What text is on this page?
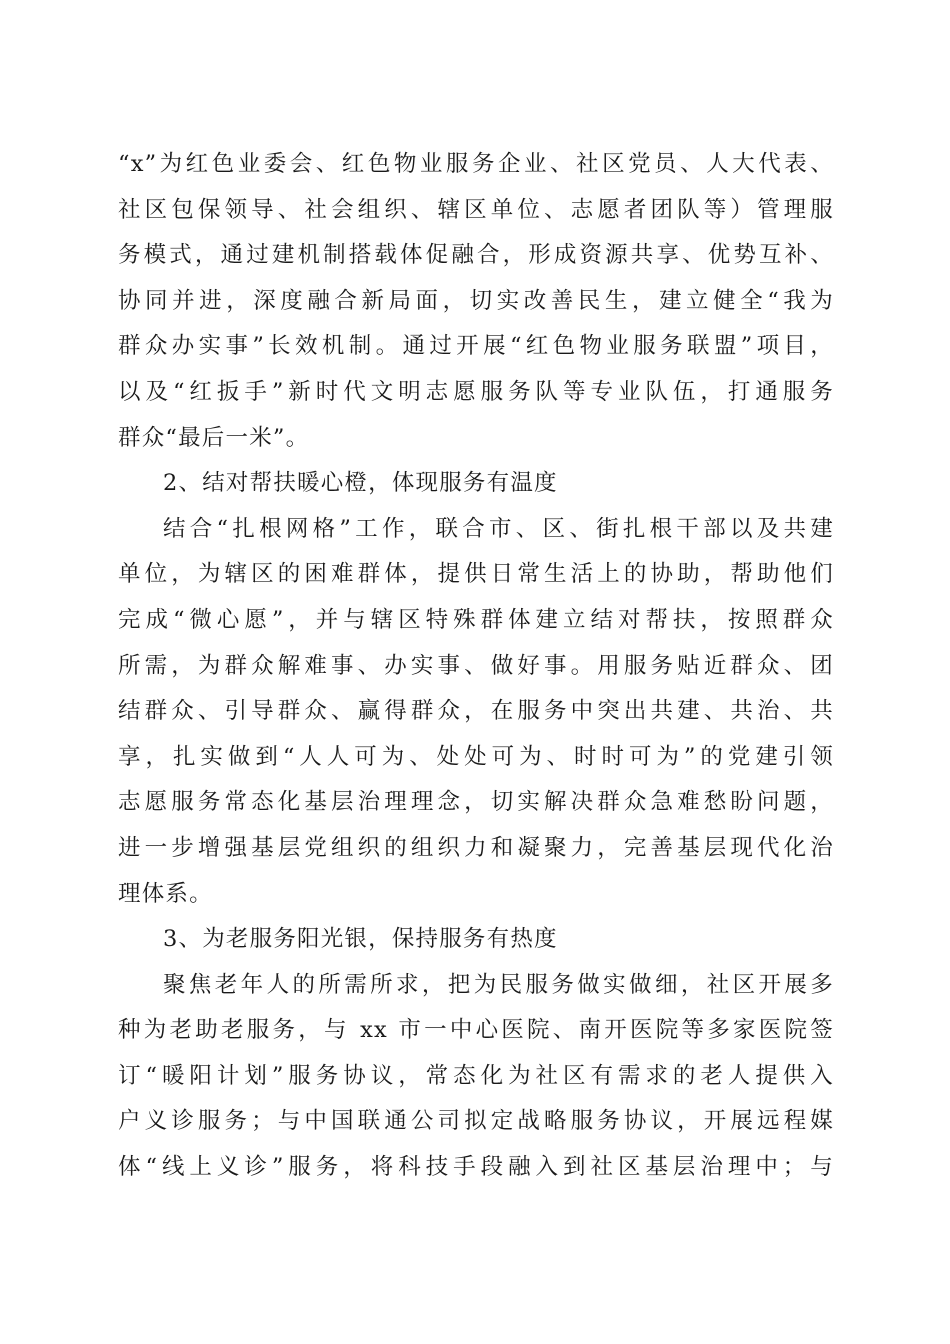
“x”为红色业委会、红色物业服务企业、社区党员、人大代表、
社区包保领导、社会组织、辖区单位、志愿者团队等）管理服
务模式，通过建机制搭载体促融合，形成资源共享、优势互补、
协同并进，深度融合新局面，切实改善民生，建立健全“我为
群众办实事”长效机制。通过开展“红色物业服务联盟”项目，
以及“红扳手”新时代文明志愿服务队等专业队伍，打通服务
群众“最后一米”。
2、结对帮扶暖心橙，体现服务有温度
结合“扎根网格”工作，联合市、区、街扎根干部以及共建
单位，为辖区的困难群体，提供日常生活上的协助，帮助他们
完成“微心愿”，并与辖区特殊群体建立结对帮扶，按照群众
所需，为群众解难事、办实事、做好事。用服务贴近群众、团
结群众、引导群众、赢得群众，在服务中突出共建、共治、共
享，扎实做到“人人可为、处处可为、时时可为”的党建引领
志愿服务常态化基层治理理念，切实解决群众急难愁盼问题，
进一步增强基层党组织的组织力和凝聚力，完善基层现代化治
理体系。
3、为老服务阳光银，保持服务有热度
聚焦老年人的所需所求，把为民服务做实做细，社区开展多
种为老助老服务，与 xx 市一中心医院、南开医院等多家医院签
订“暖阳计划”服务协议，常态化为社区有需求的老人提供入
户义诊服务；与中国联通公司拟定战略服务协议，开展远程媒
体“线上义诊”服务，将科技手段融入到社区基层治理中；与
